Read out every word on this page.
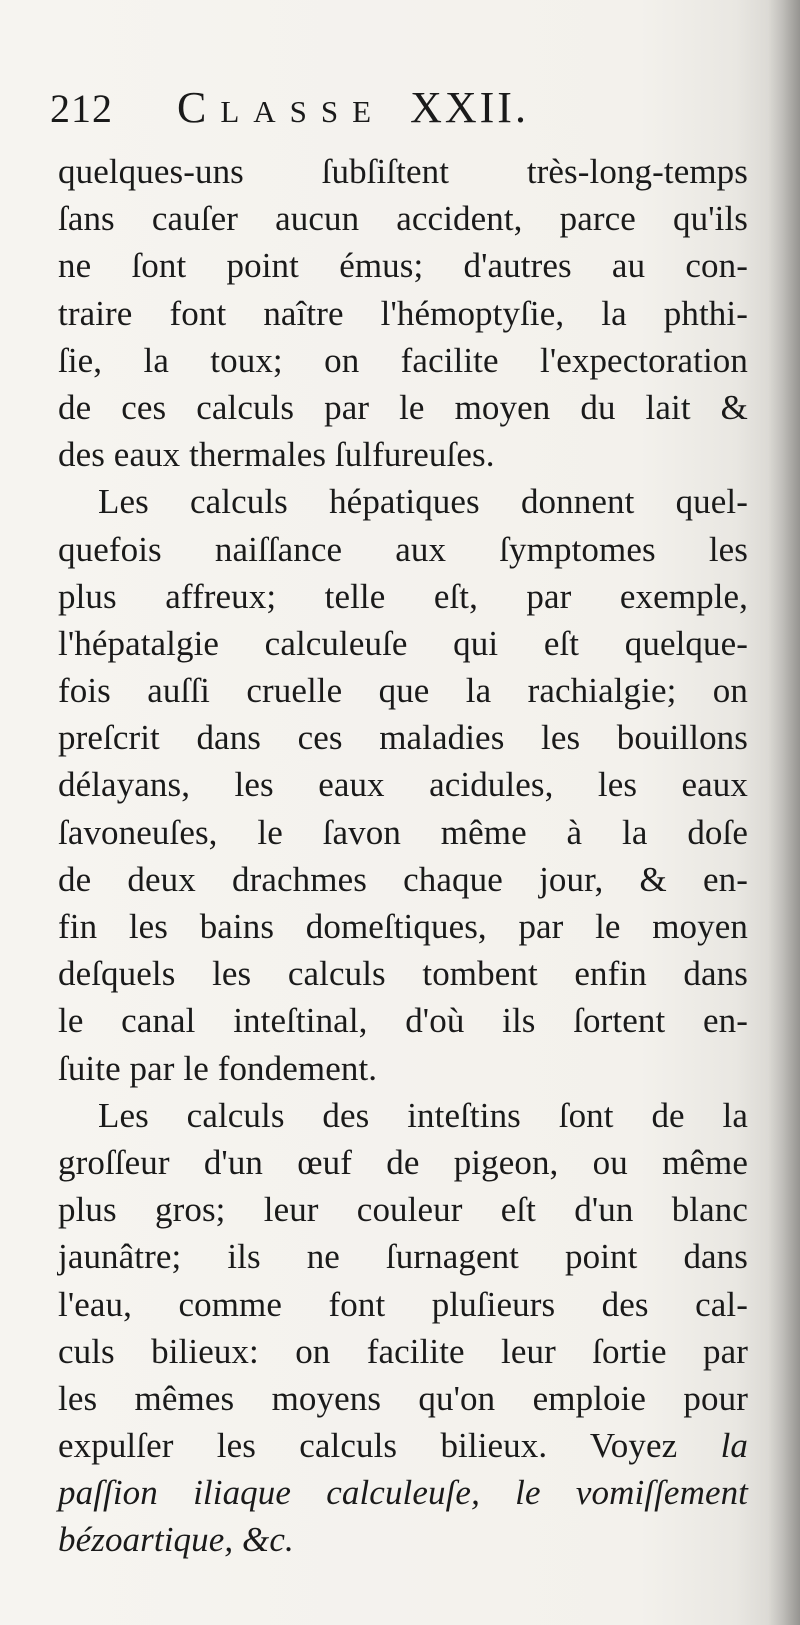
212 Classe XXII.
quelques-uns ſubſiſtent très-long-temps
ſans cauſer aucun accident, parce qu'ils
ne ſont point émus; d'autres au con-
traire font naître l'hémoptyſie, la phthi-
ſie, la toux; on facilite l'expectoration
de ces calculs par le moyen du lait &
des eaux thermales ſulfureuſes.
Les calculs hépatiques donnent quel-
quefois naiſſance aux ſymptomes les
plus affreux; telle eſt, par exemple,
l'hépatalgie calculeuſe qui eſt quelque-
fois auſſi cruelle que la rachialgie; on
preſcrit dans ces maladies les bouillons
délayans, les eaux acidules, les eaux
ſavoneuſes, le ſavon même à la doſe
de deux drachmes chaque jour, & en-
fin les bains domeſtiques, par le moyen
deſquels les calculs tombent enfin dans
le canal inteſtinal, d'où ils ſortent en-
ſuite par le fondement.
Les calculs des inteſtins ſont de la
groſſeur d'un œuf de pigeon, ou même
plus gros; leur couleur eſt d'un blanc
jaunâtre; ils ne ſurnagent point dans
l'eau, comme font pluſieurs des cal-
culs bilieux: on facilite leur ſortie par
les mêmes moyens qu'on emploie pour
expulſer les calculs bilieux. Voyez la
paſſion iliaque calculeuſe, le vomiſſement
bézoartique, &c.
